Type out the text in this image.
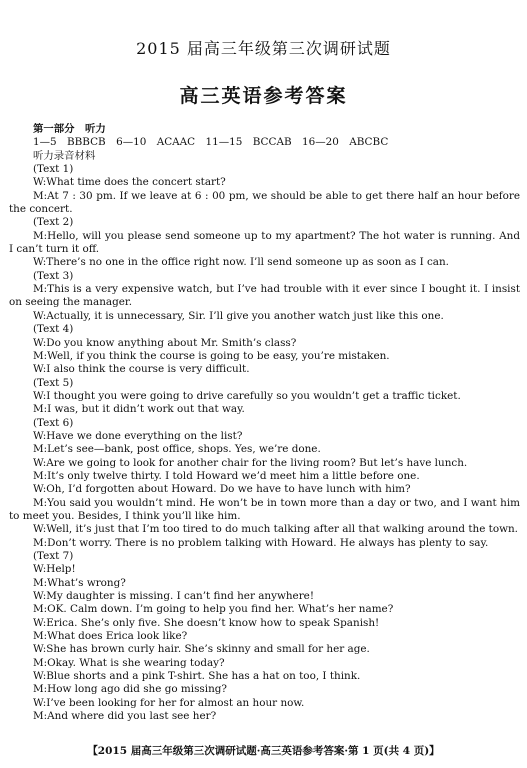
2015 届高三年级第三次调研试题
高三英语参考答案
第一部分　听力
1—5　BBBCB　6—10　ACAAC　11—15　BCCAB　16—20　ABCBC
听力录音材料
(Text 1)
W:What time does the concert start?
M:At 7 : 30 pm. If we leave at 6 : 00 pm, we should be able to get there half an hour before the concert.
(Text 2)
M:Hello, will you please send someone up to my apartment? The hot water is running. And I can’t turn it off.
W:There’s no one in the office right now. I’ll send someone up as soon as I can.
(Text 3)
M:This is a very expensive watch, but I’ve had trouble with it ever since I bought it. I insist on seeing the manager.
W:Actually, it is unnecessary, Sir. I’ll give you another watch just like this one.
(Text 4)
W:Do you know anything about Mr. Smith’s class?
M:Well, if you think the course is going to be easy, you’re mistaken.
W:I also think the course is very difficult.
(Text 5)
W:I thought you were going to drive carefully so you wouldn’t get a traffic ticket.
M:I was, but it didn’t work out that way.
(Text 6)
W:Have we done everything on the list?
M:Let’s see—bank, post office, shops. Yes, we’re done.
W:Are we going to look for another chair for the living room? But let’s have lunch.
M:It’s only twelve thirty. I told Howard we’d meet him a little before one.
W:Oh, I’d forgotten about Howard. Do we have to have lunch with him?
M:You said you wouldn’t mind. He won’t be in town more than a day or two, and I want him to meet you. Besides, I think you’ll like him.
W:Well, it’s just that I’m too tired to do much talking after all that walking around the town.
M:Don’t worry. There is no problem talking with Howard. He always has plenty to say.
(Text 7)
W:Help!
M:What’s wrong?
W:My daughter is missing. I can’t find her anywhere!
M:OK. Calm down. I’m going to help you find her. What’s her name?
W:Erica. She’s only five. She doesn’t know how to speak Spanish!
M:What does Erica look like?
W:She has brown curly hair. She’s skinny and small for her age.
M:Okay. What is she wearing today?
W:Blue shorts and a pink T-shirt. She has a hat on too, I think.
M:How long ago did she go missing?
W:I’ve been looking for her for almost an hour now.
M:And where did you last see her?
【2015 届高三年级第三次调研试题·高三英语参考答案·第 1 页(共 4 页)】
